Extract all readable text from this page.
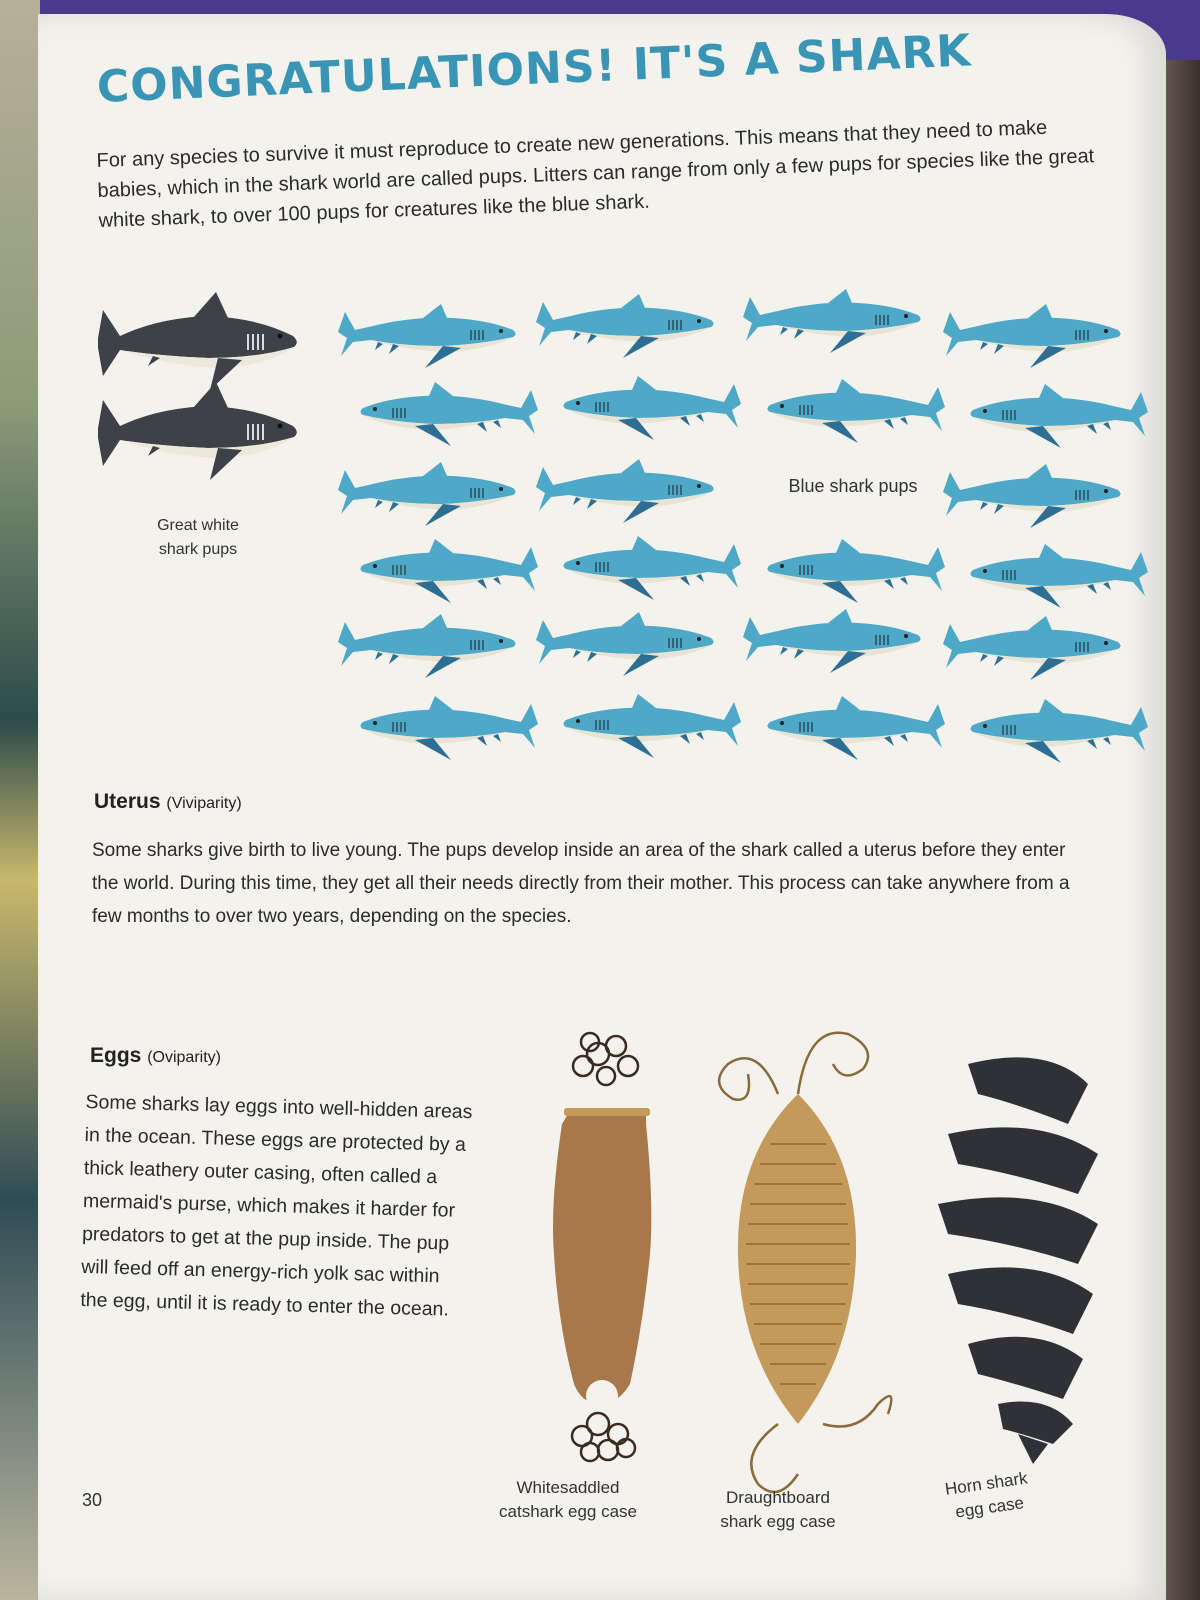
CONGRATULATIONS! IT'S A SHARK
For any species to survive it must reproduce to create new generations. This means that they need to make babies, which in the shark world are called pups. Litters can range from only a few pups for species like the great white shark, to over 100 pups for creatures like the blue shark.
Great white
shark pups
Blue shark pups
Uterus (Viviparity)
Some sharks give birth to live young. The pups develop inside an area of the shark called a uterus before they enter the world. During this time, they get all their needs directly from their mother. This process can take anywhere from a few months to over two years, depending on the species.
Eggs (Oviparity)
Some sharks lay eggs into well-hidden areas in the ocean. These eggs are protected by a thick leathery outer casing, often called a mermaid's purse, which makes it harder for predators to get at the pup inside. The pup will feed off an energy-rich yolk sac within the egg, until it is ready to enter the ocean.
Whitesaddled
catshark egg case
Draughtboard
shark egg case
Horn shark
egg case
30
